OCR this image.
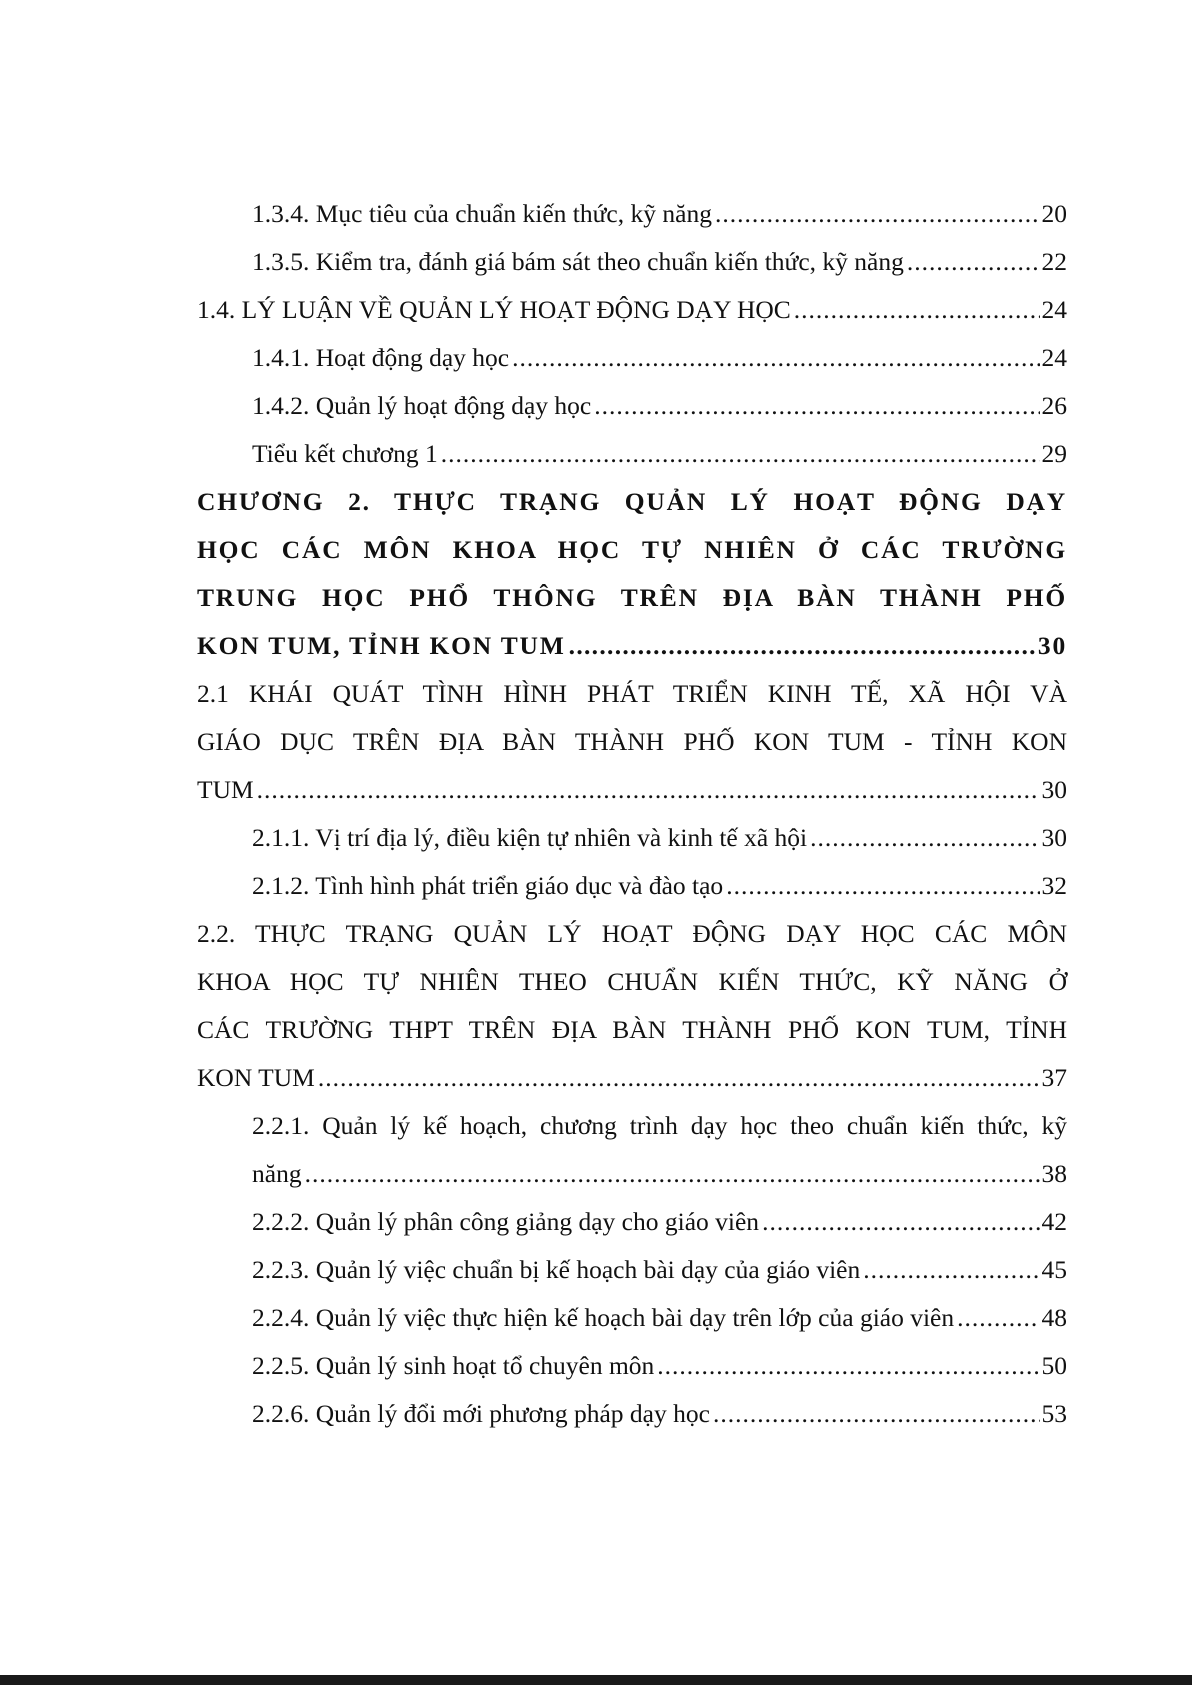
1.3.4. Mục tiêu của chuẩn kiến thức, kỹ năng .....	20
1.3.5. Kiểm tra, đánh giá bám sát theo chuẩn kiến thức, kỹ năng .....	22
1.4. LÝ LUẬN VỀ QUẢN LÝ HOẠT ĐỘNG DẠY HỌC .....	24
1.4.1. Hoạt động dạy học .....	24
1.4.2. Quản lý hoạt động dạy học .....	26
Tiểu kết chương 1 .....	29
CHƯƠNG 2. THỰC TRẠNG QUẢN LÝ HOẠT ĐỘNG DẠY
HỌC CÁC MÔN KHOA HỌC TỰ NHIÊN Ở CÁC TRƯỜNG
TRUNG HỌC PHỔ THÔNG TRÊN ĐỊA BÀN THÀNH PHỐ
KON TUM, TỈNH KON TUM .....	30
2.1 KHÁI QUÁT TÌNH HÌNH PHÁT TRIỂN KINH TẾ, XÃ HỘI VÀ
GIÁO DỤC TRÊN ĐỊA BÀN THÀNH PHỐ KON TUM - TỈNH KON
TUM .....	30
2.1.1. Vị trí địa lý, điều kiện tự nhiên và kinh tế xã hội .....	30
2.1.2. Tình hình phát triển giáo dục và đào tạo .....	32
2.2. THỰC TRẠNG QUẢN LÝ HOẠT ĐỘNG DẠY HỌC CÁC MÔN
KHOA HỌC TỰ NHIÊN THEO CHUẨN KIẾN THỨC, KỸ NĂNG Ở
CÁC TRƯỜNG THPT TRÊN ĐỊA BÀN THÀNH PHỐ KON TUM, TỈNH
KON TUM .....	37
2.2.1. Quản lý kế hoạch, chương trình dạy học theo chuẩn kiến thức, kỹ
năng .....	38
2.2.2. Quản lý phân công giảng dạy cho giáo viên .....	42
2.2.3. Quản lý việc chuẩn bị kế hoạch bài dạy của giáo viên .....	45
2.2.4. Quản lý việc thực hiện kế hoạch bài dạy trên lớp của giáo viên .....	48
2.2.5. Quản lý sinh hoạt tổ chuyên môn .....	50
2.2.6. Quản lý đổi mới phương pháp dạy học .....	53
